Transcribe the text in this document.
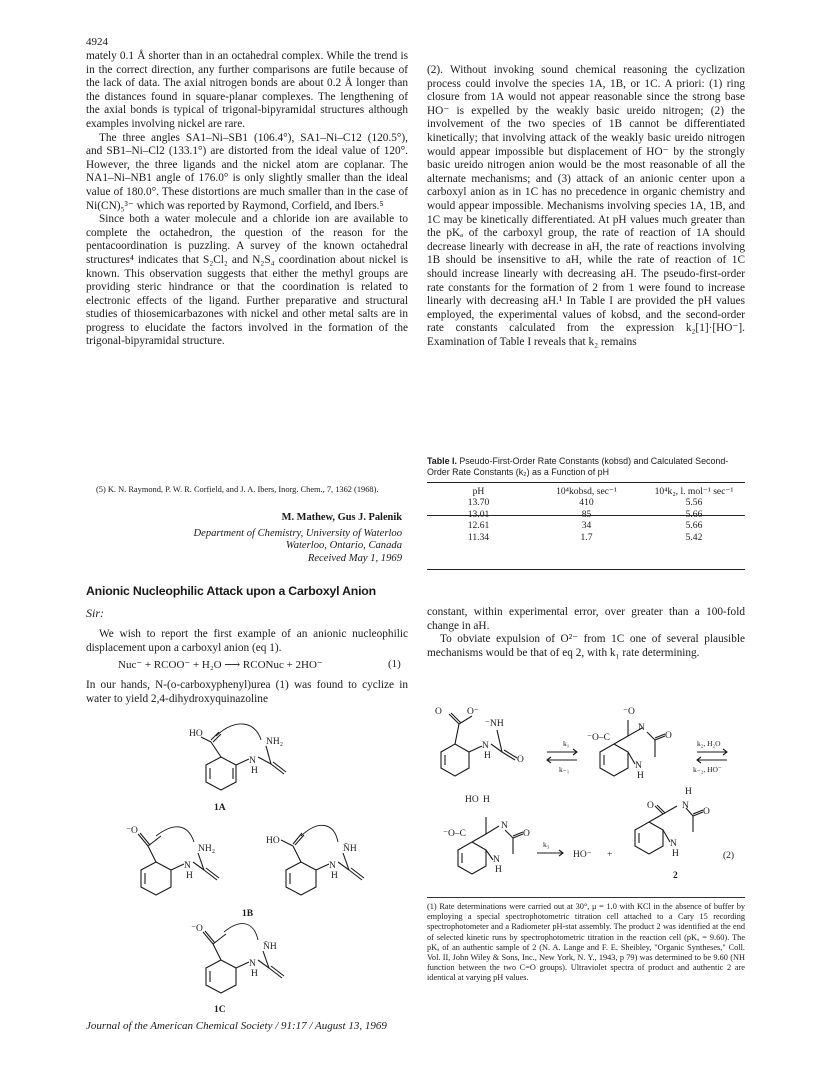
4924

mately 0.1 Å shorter than in an octahedral complex. While the trend is in the correct direction, any further comparisons are futile because of the lack of data. The axial nitrogen bonds are about 0.2 Å longer than the distances found in square-planar complexes. The lengthening of the axial bonds is typical of trigonal-bipyramidal structures although examples involving nickel are rare.

The three angles SA1–Ni–SB1 (106.4°), SA1–Ni–C12 (120.5°), and SB1–Ni–Cl2 (133.1°) are distorted from the ideal value of 120°. However, the three ligands and the nickel atom are coplanar. The NA1–Ni–NB1 angle of 176.0° is only slightly smaller than the ideal value of 180.0°. These distortions are much smaller than in the case of Ni(CN)₅³⁻ which was reported by Raymond, Corfield, and Ibers.⁵

Since both a water molecule and a chloride ion are available to complete the octahedron, the question of the reason for the pentacoordination is puzzling. A survey of the known octahedral structures⁴ indicates that S₂Cl₂ and N₂S₄ coordination about nickel is known. This observation suggests that either the methyl groups are providing steric hindrance or that the coordination is related to electronic effects of the ligand. Further preparative and structural studies of thiosemicarbazones with nickel and other metal salts are in progress to elucidate the factors involved in the formation of the trigonal-bipyramidal structure.

(5) K. N. Raymond, P. W. R. Corfield, and J. A. Ibers, Inorg. Chem., 7, 1362 (1968).

M. Mathew, Gus J. Palenik
Department of Chemistry, University of Waterloo
Waterloo, Ontario, Canada
Received May 1, 1969
Anionic Nucleophilic Attack upon a Carboxyl Anion
Sir:

We wish to report the first example of an anionic nucleophilic displacement upon a carboxyl anion (eq 1).

Nuc⁻ + RCOO⁻ + H₂O ⟶ RCONuc + 2HO⁻	(1)

In our hands, N-(o-carboxyphenyl)urea (1) was found to cyclize in water to yield 2,4-dihydroxyquinazoline

HO
NH₂
N
H
⁻O
NH₂
N
H
HO
N̄H
N
H
⁻O
N̄H
N
H
1A
1B
1C

(2). Without invoking sound chemical reasoning the cyclization process could involve the species 1A, 1B, or 1C. A priori: (1) ring closure from 1A would not appear reasonable since the strong base HO⁻ is expelled by the weakly basic ureido nitrogen; (2) the involvement of the two species of 1B cannot be differentiated kinetically; that involving attack of the weakly basic ureido nitrogen would appear impossible but displacement of HO⁻ by the strongly basic ureido nitrogen anion would be the most reasonable of all the alternate mechanisms; and (3) attack of an anionic center upon a carboxyl anion as in 1C has no precedence in organic chemistry and would appear impossible. Mechanisms involving species 1A, 1B, and 1C may be kinetically differentiated. At pH values much greater than the pKₐ of the carboxyl group, the rate of reaction of 1A should decrease linearly with decrease in aH, the rate of reactions involving 1B should be insensitive to aH, while the rate of reaction of 1C should increase linearly with decreasing aH. The pseudo-first-order rate constants for the formation of 2 from 1 were found to increase linearly with decreasing aH.¹ In Table I are provided the pH values employed, the experimental values of kobsd, and the second-order rate constants calculated from the expression k₂[1]·[HO⁻]. Examination of Table I reveals that k₂ remains

Table I. Pseudo-First-Order Rate Constants (kobsd) and Calculated Second-Order Rate Constants (k₂) as a Function of pH
pH	10⁴kobsd, sec⁻¹	10⁴k₂, l. mol⁻¹ sec⁻¹
13.70	410	5.56
13.01	85	5.66
12.61	34	5.66
11.34	1.7	5.42

constant, within experimental error, over greater than a 100-fold change in aH.

To obviate expulsion of O²⁻ from 1C one of several plausible mechanisms would be that of eq 2, with k₁ rate determining.

O	O⁻
⁻NH
N
H	O
⁻O
⁻O–C
N
O
N
H
k₁
k₋₁
k₂, H₂O
k₋₂, HO⁻
HO H
⁻O–C
N
O
N
H
k₃
HO⁻ +
H
O	N
O
N
H	(2)
2
(1) Rate determinations were carried out at 30°, μ = 1.0 with KCl in the absence of buffer by employing a special spectrophotometric titration cell attached to a Cary 15 recording spectrophotometer and a Radiometer pH-stat assembly. The product 2 was identified at the end of selected kinetic runs by spectrophotometric titration in the reaction cell (pKₐ = 9.60). The pKₐ of an authentic sample of 2 (N. A. Lange and F. E. Sheibley, "Organic Syntheses," Coll. Vol. II, John Wiley & Sons, Inc., New York, N. Y., 1943, p 79) was determined to be 9.60 (NH function between the two C=O groups). Ultraviolet spectra of product and authentic 2 are identical at varying pH values.
Journal of the American Chemical Society / 91:17 / August 13, 1969
